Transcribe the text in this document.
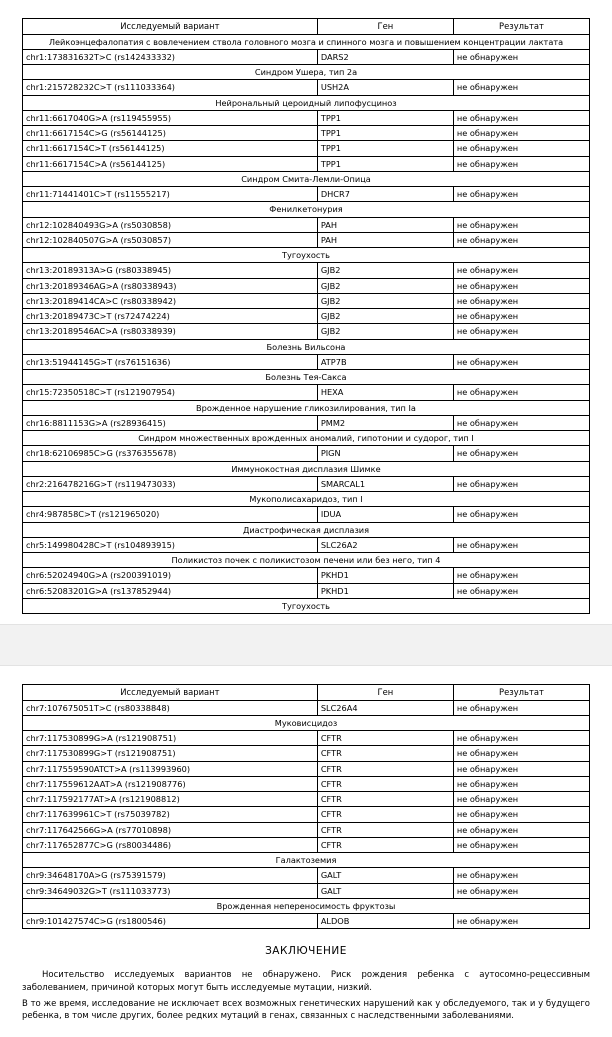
Исследуемый вариант	Ген	Результат
Лейкоэнцефалопатия с вовлечением ствола головного мозга и спинного мозга и повышением концентрации лактата		
chr1:173831632T>C (rs142433332)	DARS2	не обнаружен
Синдром Ушера, тип 2а		
chr1:215728232C>T (rs111033364)	USH2A	не обнаружен
Нейрональный цероидный липофусциноз		
chr11:6617040G>A (rs119455955)	TPP1	не обнаружен
chr11:6617154C>G (rs56144125)	TPP1	не обнаружен
chr11:6617154C>T (rs56144125)	TPP1	не обнаружен
chr11:6617154C>A (rs56144125)	TPP1	не обнаружен
Синдром Смита-Лемли-Опица		
chr11:71441401C>T (rs11555217)	DHCR7	не обнаружен
Фенилкетонурия		
chr12:102840493G>A (rs5030858)	PAH	не обнаружен
chr12:102840507G>A (rs5030857)	PAH	не обнаружен
Тугоухость		
chr13:20189313A>G (rs80338945)	GJB2	не обнаружен
chr13:20189346AG>A (rs80338943)	GJB2	не обнаружен
chr13:20189414CA>C (rs80338942)	GJB2	не обнаружен
chr13:20189473C>T (rs72474224)	GJB2	не обнаружен
chr13:20189546AC>A (rs80338939)	GJB2	не обнаружен
Болезнь Вильсона		
chr13:51944145G>T (rs76151636)	ATP7B	не обнаружен
Болезнь Тея-Сакса		
chr15:72350518C>T (rs121907954)	HEXA	не обнаружен
Врожденное нарушение гликозилирования, тип Ia		
chr16:8811153G>A (rs28936415)	PMM2	не обнаружен
Синдром множественных врожденных аномалий, гипотонии и судорог, тип I		
chr18:62106985C>G (rs376355678)	PIGN	не обнаружен
Иммунокостная дисплазия Шимке		
chr2:216478216G>T (rs119473033)	SMARCAL1	не обнаружен
Мукополисахаридоз, тип I		
chr4:987858C>T (rs121965020)	IDUA	не обнаружен
Диастрофическая дисплазия		
chr5:149980428C>T (rs104893915)	SLC26A2	не обнаружен
Поликистоз почек с поликистозом печени или без него, тип 4		
chr6:52024940G>A (rs200391019)	PKHD1	не обнаружен
chr6:52083201G>A (rs137852944)	PKHD1	не обнаружен
Тугоухость		
Исследуемый вариант	Ген	Результат
chr7:107675051T>C (rs80338848)	SLC26A4	не обнаружен
Муковисцидоз		
chr7:117530899G>A (rs121908751)	CFTR	не обнаружен
chr7:117530899G>T (rs121908751)	CFTR	не обнаружен
chr7:117559590ATCT>A (rs113993960)	CFTR	не обнаружен
chr7:117559612AAT>A (rs121908776)	CFTR	не обнаружен
chr7:117592177AT>A (rs121908812)	CFTR	не обнаружен
chr7:117639961C>T (rs75039782)	CFTR	не обнаружен
chr7:117642566G>A (rs77010898)	CFTR	не обнаружен
chr7:117652877C>G (rs80034486)	CFTR	не обнаружен
Галактоземия		
chr9:34648170A>G (rs75391579)	GALT	не обнаружен
chr9:34649032G>T (rs111033773)	GALT	не обнаружен
Врожденная непереносимость фруктозы		
chr9:101427574C>G (rs1800546)	ALDOB	не обнаружен
ЗАКЛЮЧЕНИЕ

Носительство исследуемых вариантов не обнаружено. Риск рождения ребенка с аутосомно-рецессивным заболеванием, причиной которых могут быть исследуемые мутации, низкий.

В то же время, исследование не исключает всех возможных генетических нарушений как у обследуемого, так и у будущего ребенка, в том числе других, более редких мутаций в генах, связанных с наследственными заболеваниями.
